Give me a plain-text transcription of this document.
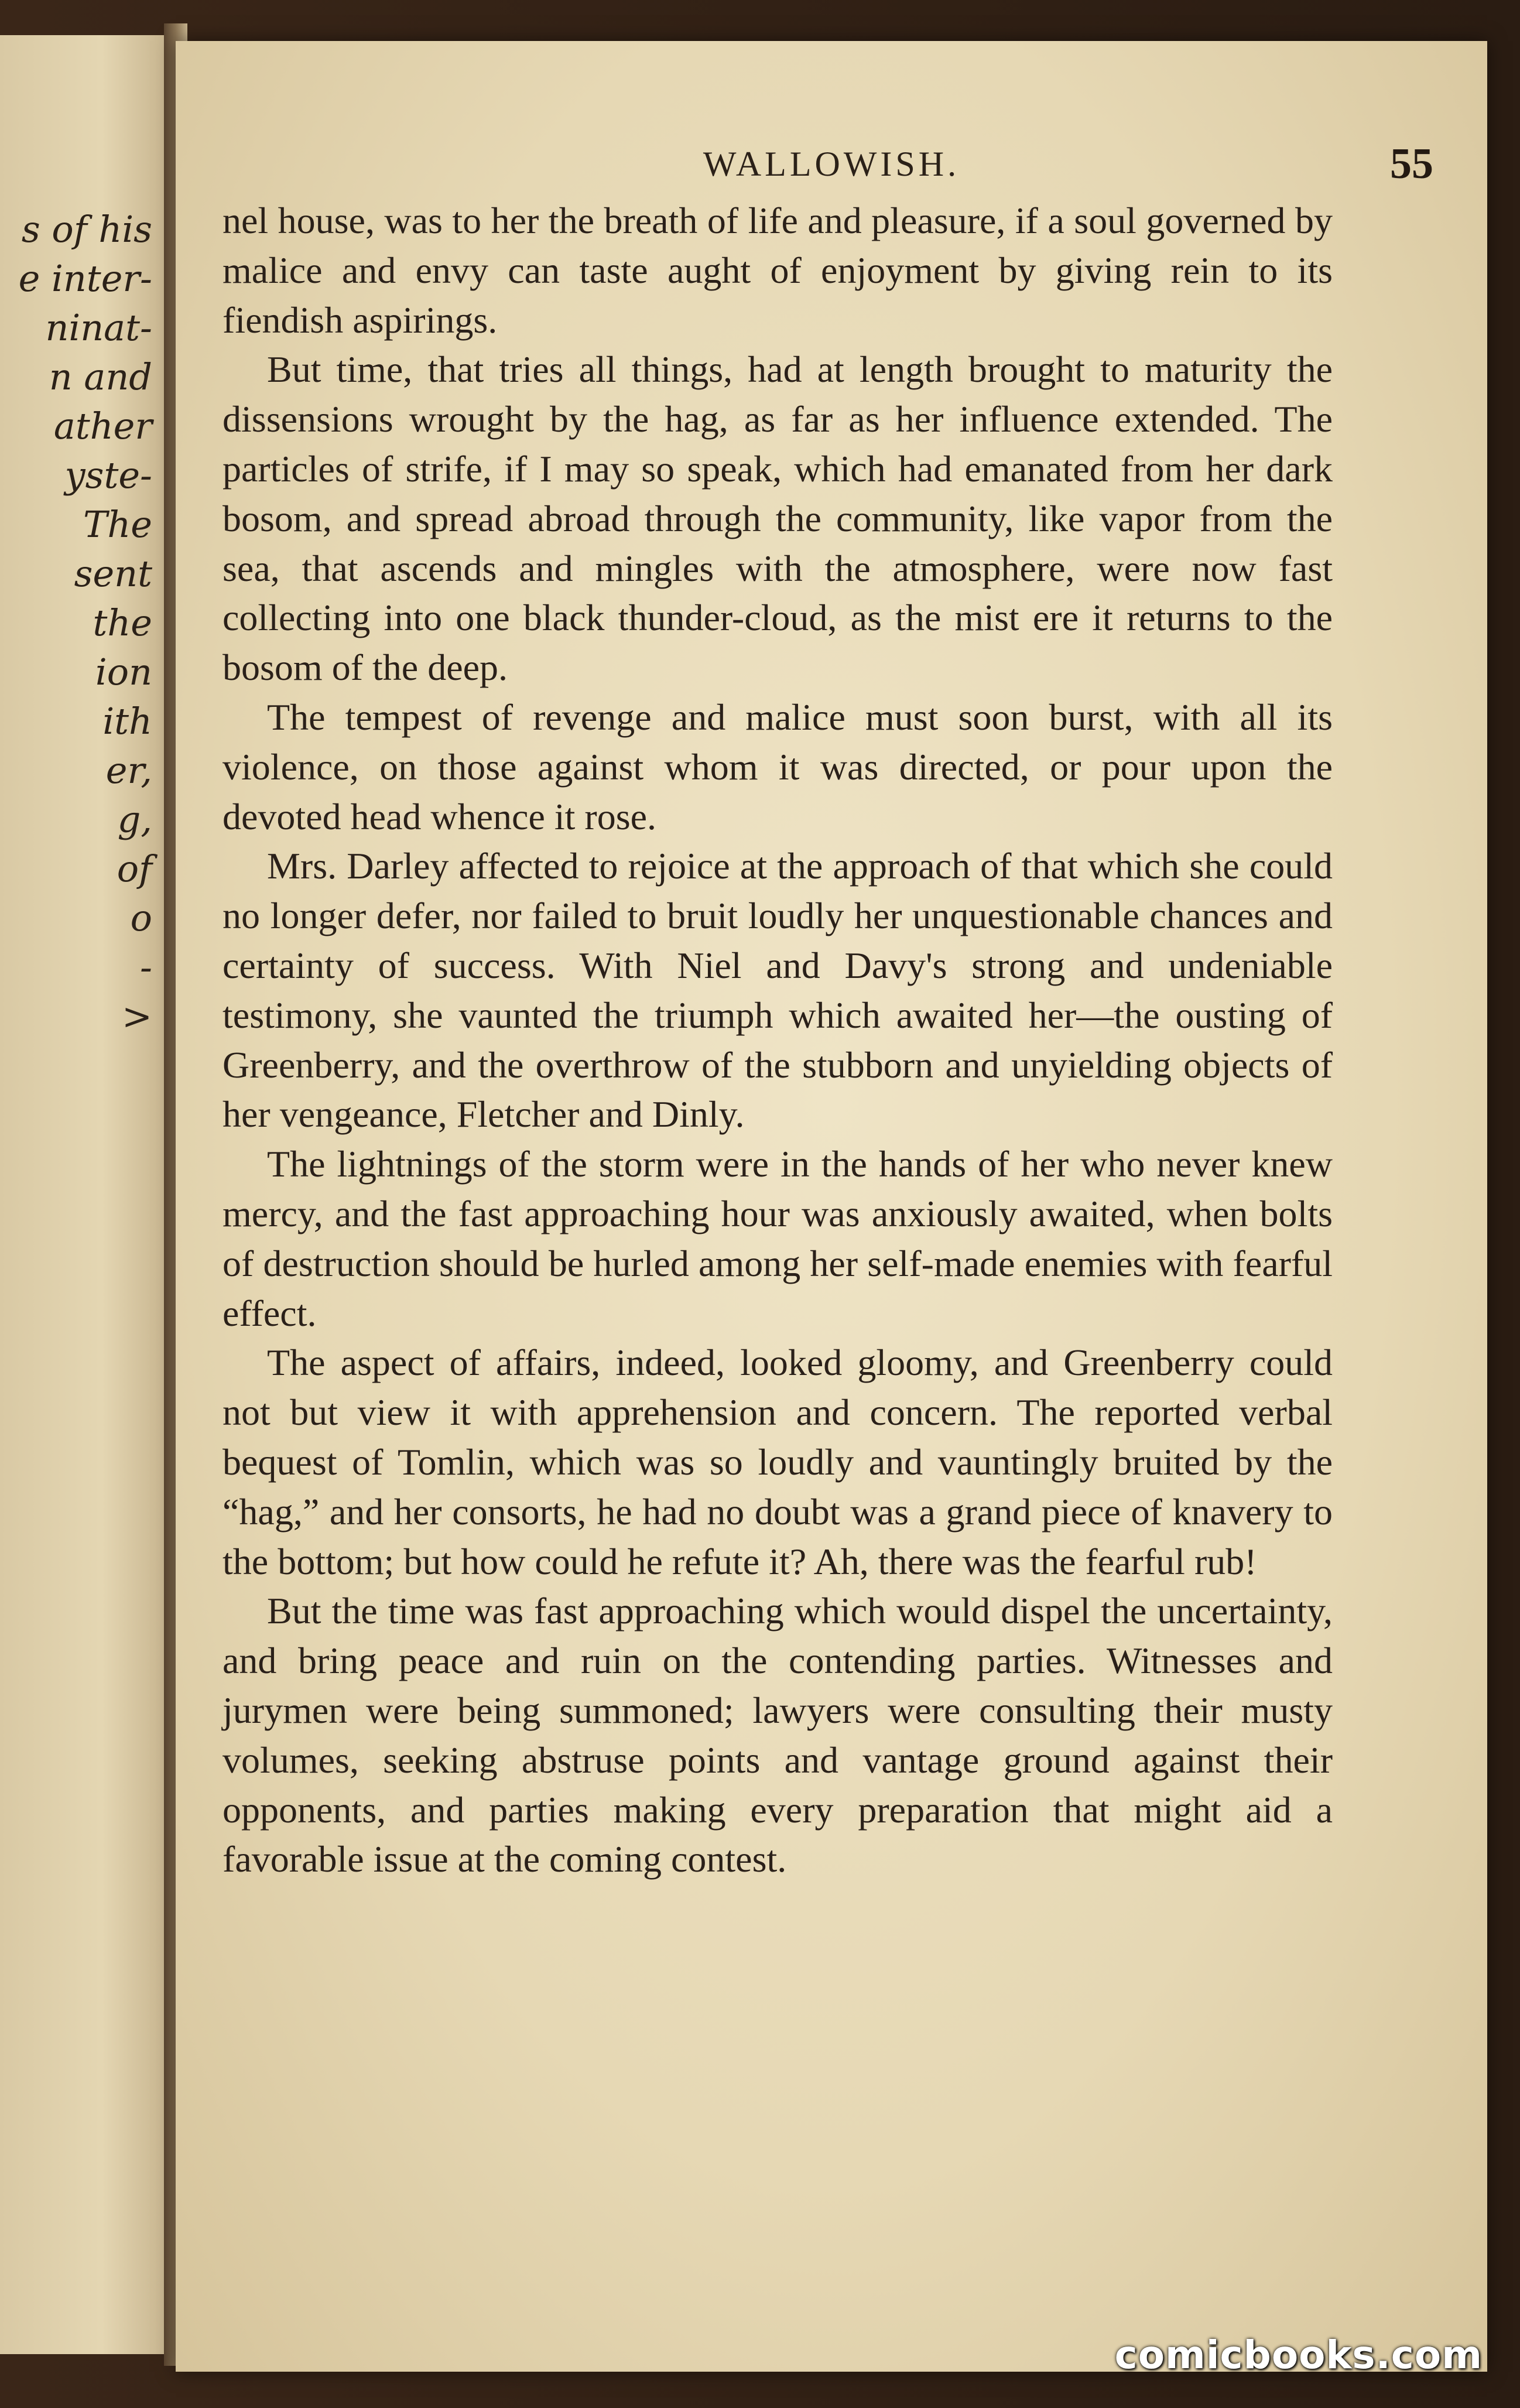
s of his
e inter-
ninat-
n and
ather
yste-
The
sent
the
ion
ith
er,
g,
of
o
-
>
WALLOWISH.	55

nel house, was to her the breath of life and pleasure, if a soul governed by malice and envy can taste aught of enjoyment by giving rein to its fiendish aspirings.

But time, that tries all things, had at length brought to maturity the dissensions wrought by the hag, as far as her influence extended. The particles of strife, if I may so speak, which had emanated from her dark bosom, and spread abroad through the community, like vapor from the sea, that ascends and mingles with the atmosphere, were now fast collecting into one black thunder-cloud, as the mist ere it returns to the bosom of the deep.

The tempest of revenge and malice must soon burst, with all its violence, on those against whom it was directed, or pour upon the devoted head whence it rose.

Mrs. Darley affected to rejoice at the approach of that which she could no longer defer, nor failed to bruit loudly her unquestionable chances and certainty of success. With Niel and Davy's strong and undeniable testimony, she vaunted the triumph which awaited her—the ousting of Greenberry, and the overthrow of the stubborn and unyielding objects of her vengeance, Fletcher and Dinly.

The lightnings of the storm were in the hands of her who never knew mercy, and the fast approaching hour was anxiously awaited, when bolts of destruction should be hurled among her self-made enemies with fearful effect.

The aspect of affairs, indeed, looked gloomy, and Greenberry could not but view it with apprehension and concern. The reported verbal bequest of Tomlin, which was so loudly and vauntingly bruited by the “hag,” and her consorts, he had no doubt was a grand piece of knavery to the bottom; but how could he refute it? Ah, there was the fearful rub!

But the time was fast approaching which would dispel the uncertainty, and bring peace and ruin on the contending parties. Witnesses and jurymen were being summoned; lawyers were consulting their musty volumes, seeking abstruse points and vantage ground against their opponents, and parties making every preparation that might aid a favorable issue at the coming contest.

comicbooks.com
